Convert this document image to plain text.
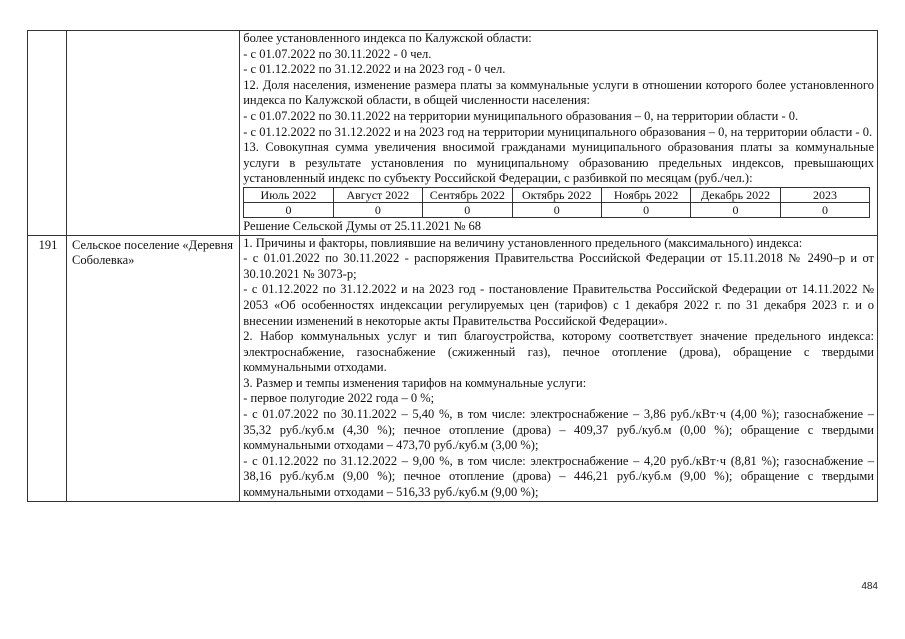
более установленного индекса по Калужской области:

- с 01.07.2022 по 30.11.2022 - 0 чел.

- с 01.12.2022 по 31.12.2022 и на 2023 год - 0 чел.

12. Доля населения, изменение размера платы за коммунальные услуги в отношении которого более установленного индекса по Калужской области, в общей численности населения:

- с 01.07.2022 по 30.11.2022 на территории муниципального образования – 0, на территории области - 0.

- с 01.12.2022 по 31.12.2022 и на 2023 год на территории муниципального образования – 0, на территории области - 0.

13. Совокупная сумма увеличения вносимой гражданами муниципального образования платы за коммунальные услуги в результате установления по муниципальному образованию предельных индексов, превышающих установленный индекс по субъекту Российской Федерации, с разбивкой по месяцам (руб./чел.):

Июль 2022	Август 2022	Сентябрь 2022	Октябрь 2022	Ноябрь 2022	Декабрь 2022	2023
0	0	0	0	0	0	0

Решение Сельской Думы от 25.11.2021 № 68

191	Сельское поселение «Деревня Соболевка»	

1. Причины и факторы, повлиявшие на величину установленного предельного (максимального) индекса:

- с 01.01.2022 по 30.11.2022 - распоряжения Правительства Российской Федерации от 15.11.2018 № 2490–р и от 30.10.2021 № 3073-р;

- с 01.12.2022 по 31.12.2022 и на 2023 год - постановление Правительства Российской Федерации от 14.11.2022 № 2053 «Об особенностях индексации регулируемых цен (тарифов) с 1 декабря 2022 г. по 31 декабря 2023 г. и о внесении изменений в некоторые акты Правительства Российской Федерации».

2. Набор коммунальных услуг и тип благоустройства, которому соответствует значение предельного индекса: электроснабжение, газоснабжение (сжиженный газ), печное отопление (дрова), обращение с твердыми коммунальными отходами.

3. Размер и темпы изменения тарифов на коммунальные услуги:

- первое полугодие 2022 года – 0 %;

- с 01.07.2022 по 30.11.2022 – 5,40 %, в том числе: электроснабжение – 3,86 руб./кВт·ч (4,00 %); газоснабжение – 35,32 руб./куб.м (4,30 %); печное отопление (дрова) – 409,37 руб./куб.м (0,00 %); обращение с твердыми коммунальными отходами – 473,70 руб./куб.м (3,00 %);

- с 01.12.2022 по 31.12.2022 – 9,00 %, в том числе: электроснабжение – 4,20 руб./кВт·ч (8,81 %); газоснабжение – 38,16 руб./куб.м (9,00 %); печное отопление (дрова) – 446,21 руб./куб.м (9,00 %); обращение с твердыми коммунальными отходами – 516,33 руб./куб.м (9,00 %);

484
